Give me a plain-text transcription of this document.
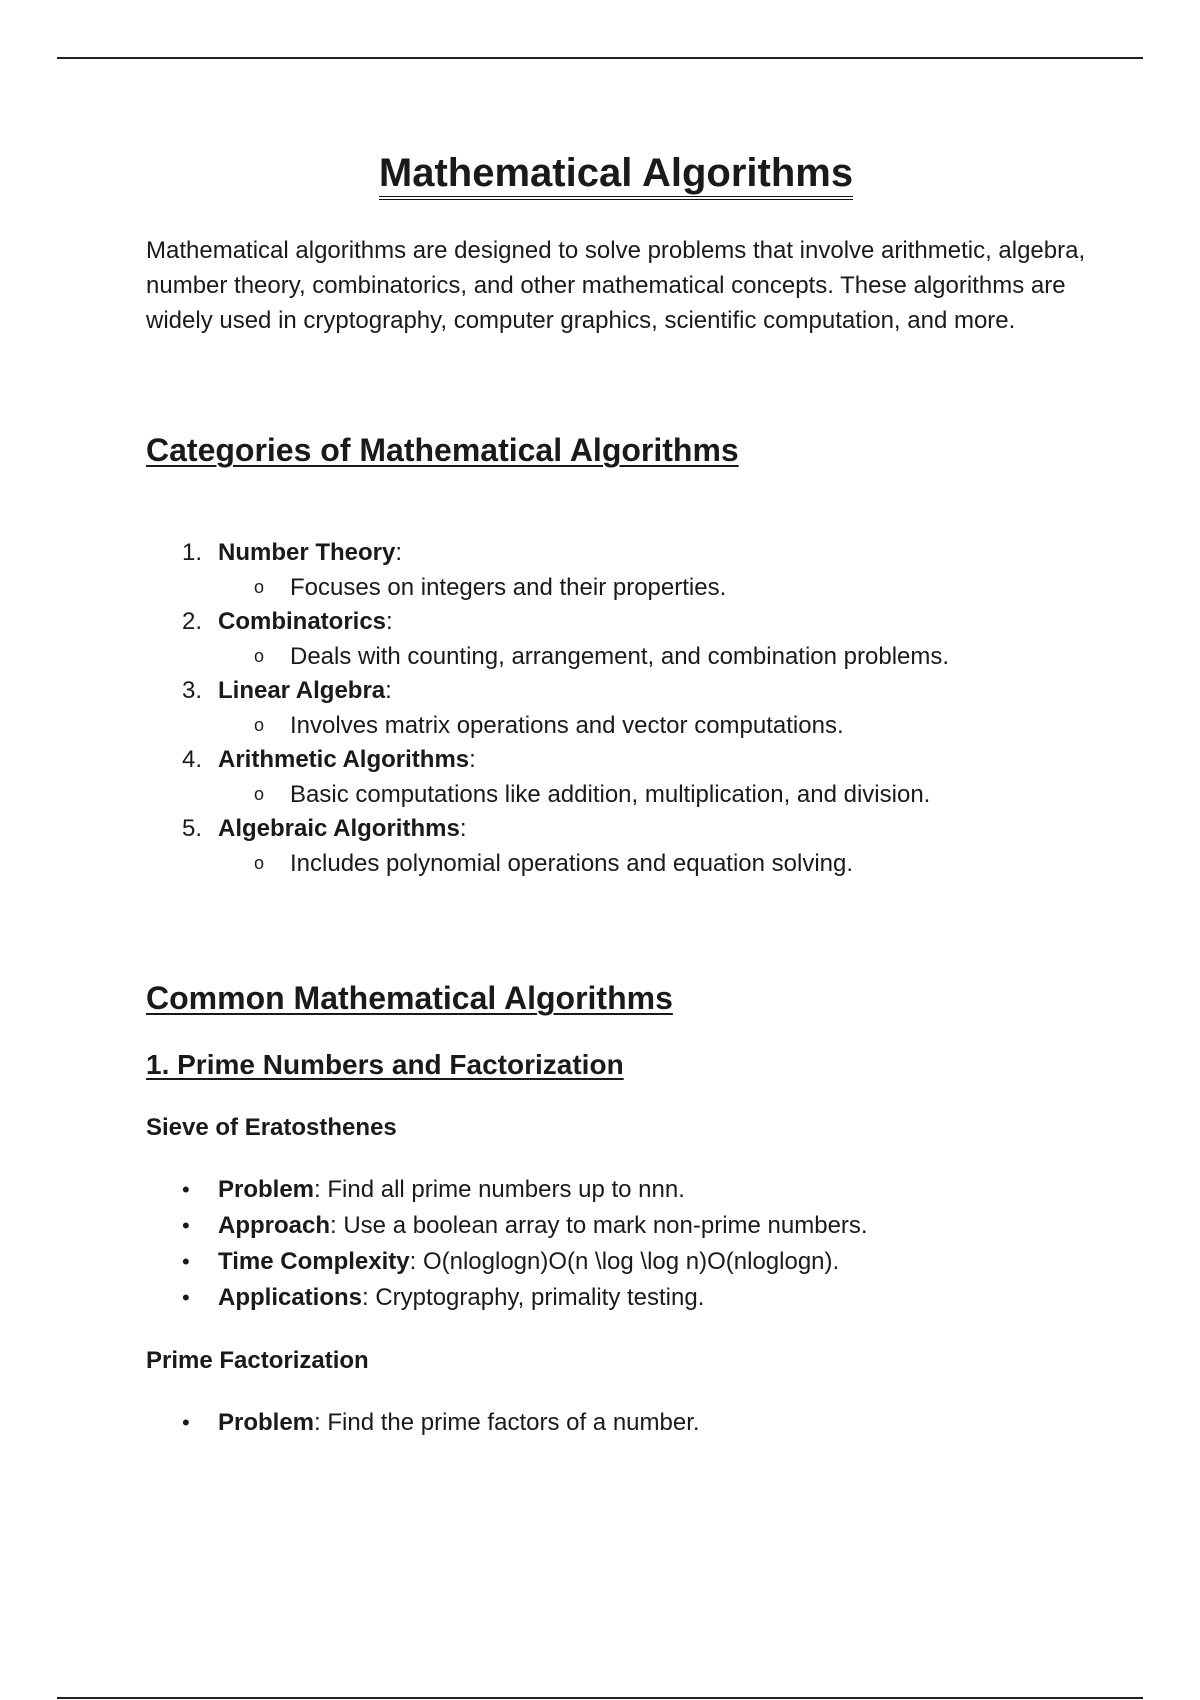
Mathematical Algorithms

Mathematical algorithms are designed to solve problems that involve arithmetic, algebra, number theory, combinatorics, and other mathematical concepts. These algorithms are widely used in cryptography, computer graphics, scientific computation, and more.

Categories of Mathematical Algorithms
1. Number Theory:
o Focuses on integers and their properties.
2. Combinatorics:
o Deals with counting, arrangement, and combination problems.
3. Linear Algebra:
o Involves matrix operations and vector computations.
4. Arithmetic Algorithms:
o Basic computations like addition, multiplication, and division.
5. Algebraic Algorithms:
o Includes polynomial operations and equation solving.
Common Mathematical Algorithms
1. Prime Numbers and Factorization
Sieve of Eratosthenes
• Problem: Find all prime numbers up to nnn.
• Approach: Use a boolean array to mark non-prime numbers.
• Time Complexity: O(nloglogn)O(n \log \log n)O(nloglogn).
• Applications: Cryptography, primality testing.
Prime Factorization
• Problem: Find the prime factors of a number.
